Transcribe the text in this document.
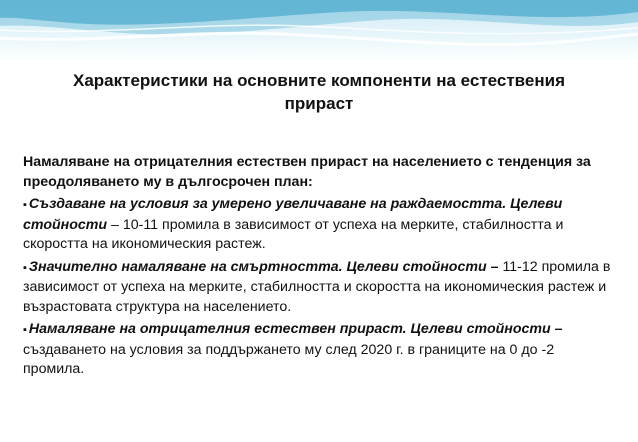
Характеристики на основните компоненти на естествения
прираст

Намаляване на отрицателния естествен прираст на населението с тенденция за преодоляването му в дългосрочен план:

▪ Създаване на условия за умерено увеличаване на раждаемостта. Целеви стойности – 10-11 промила в зависимост от успеха на мерките, стабилността и скоростта на икономическия растеж.

▪ Значително намаляване на смъртността. Целеви стойности – 11-12 промила в зависимост от успеха на мерките, стабилността и скоростта на икономическия растеж и възрастовата структура на населението.

▪ Намаляване на отрицателния естествен прираст. Целеви стойности – създаването на условия за поддържането му след 2020 г. в границите на 0 до -2 промила.
